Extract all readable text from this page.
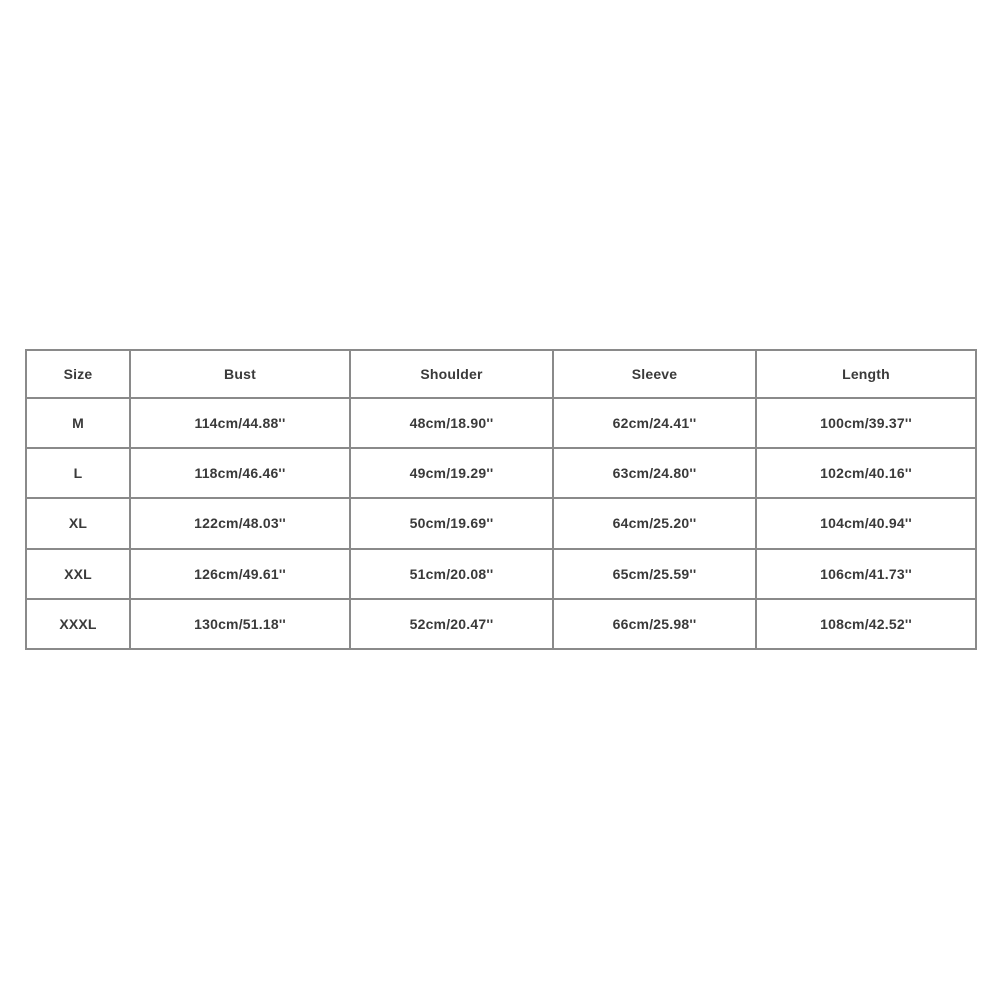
Size	Bust	Shoulder	Sleeve	Length
M	114cm/44.88''	48cm/18.90''	62cm/24.41''	100cm/39.37''
L	118cm/46.46''	49cm/19.29''	63cm/24.80''	102cm/40.16''
XL	122cm/48.03''	50cm/19.69''	64cm/25.20''	104cm/40.94''
XXL	126cm/49.61''	51cm/20.08''	65cm/25.59''	106cm/41.73''
XXXL	130cm/51.18''	52cm/20.47''	66cm/25.98''	108cm/42.52''
